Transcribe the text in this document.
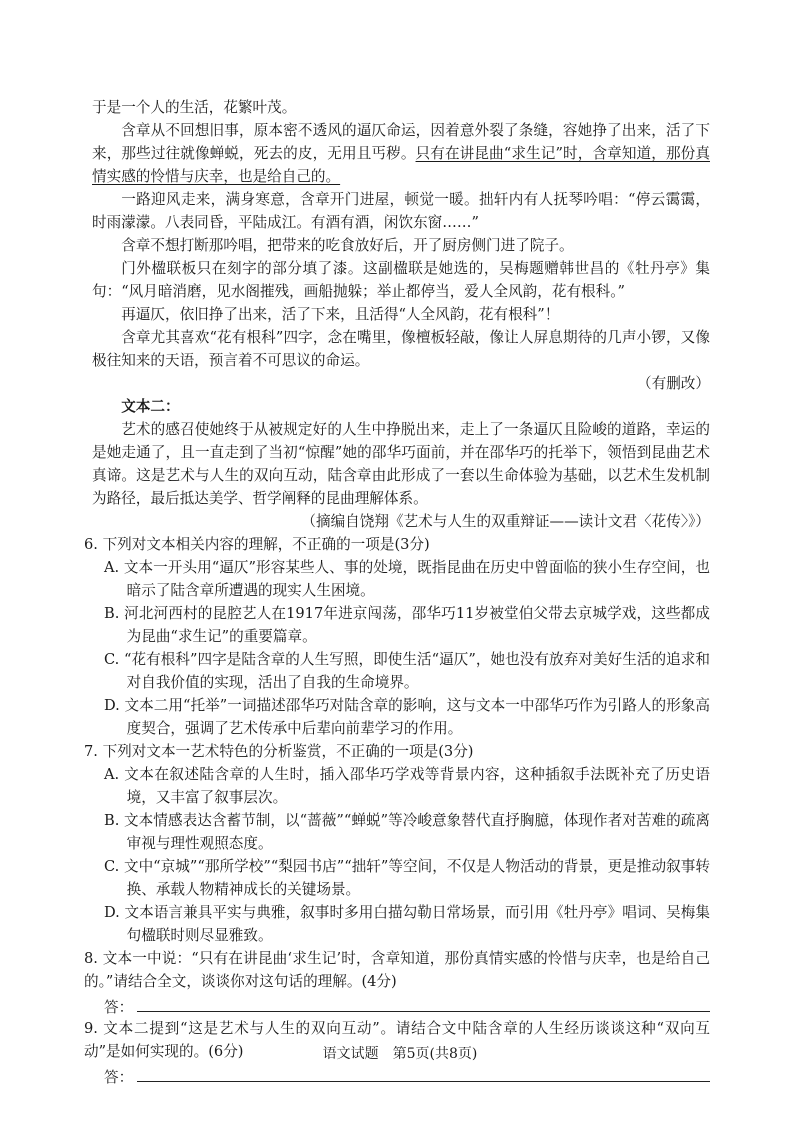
于是一个人的生活，花繁叶茂。

含章从不回想旧事，原本密不透风的逼仄命运，因着意外裂了条缝，容她挣了出来，活了下来，那些过往就像蝉蜕，死去的皮，无用且丐秽。只有在讲昆曲“求生记”时，含章知道，那份真情实感的怜惜与庆幸，也是给自己的。

一路迎风走来，满身寒意，含章开门进屋，顿觉一暖。拙轩内有人抚琴吟唱：“停云霭霭，时雨濛濛。八表同昏，平陆成江。有酒有酒，闲饮东窗……”

含章不想打断那吟唱，把带来的吃食放好后，开了厨房侧门进了院子。

门外楹联板只在刻字的部分填了漆。这副楹联是她选的，吴梅题赠韩世昌的《牡丹亭》集句：“风月暗消磨，见水阁摧残，画船抛躲；举止都停当，爱人全风韵，花有根科。”

再逼仄，依旧挣了出来，活了下来，且活得“人全风韵，花有根科”！

含章尤其喜欢“花有根科”四字，念在嘴里，像檀板轻敲，像让人屏息期待的几声小锣，又像极往知来的天语，预言着不可思议的命运。

（有删改）

文本二：

艺术的感召使她终于从被规定好的人生中挣脱出来，走上了一条逼仄且险峻的道路，幸运的是她走通了，且一直走到了当初“惊醒”她的邵华巧面前，并在邵华巧的托举下，领悟到昆曲艺术真谛。这是艺术与人生的双向互动，陆含章由此形成了一套以生命体验为基础，以艺术生发机制为路径，最后抵达美学、哲学阐释的昆曲理解体系。

（摘编自饶翔《艺术与人生的双重辩证——读计文君〈花传〉》）

6. 下列对文本相关内容的理解，不正确的一项是(3分)

A. 文本一开头用“逼仄”形容某些人、事的处境，既指昆曲在历史中曾面临的狭小生存空间，也暗示了陆含章所遭遇的现实人生困境。

B. 河北河西村的昆腔艺人在1917年进京闯荡，邵华巧11岁被堂伯父带去京城学戏，这些都成为昆曲“求生记”的重要篇章。

C. “花有根科”四字是陆含章的人生写照，即使生活“逼仄”，她也没有放弃对美好生活的追求和对自我价值的实现，活出了自我的生命境界。

D. 文本二用“托举”一词描述邵华巧对陆含章的影响，这与文本一中邵华巧作为引路人的形象高度契合，强调了艺术传承中后辈向前辈学习的作用。

7. 下列对文本一艺术特色的分析鉴赏，不正确的一项是(3分)

A. 文本在叙述陆含章的人生时，插入邵华巧学戏等背景内容，这种插叙手法既补充了历史语境，又丰富了叙事层次。

B. 文本情感表达含蓄节制，以“蔷薇”“蝉蜕”等冷峻意象替代直抒胸臆，体现作者对苦难的疏离审视与理性观照态度。

C. 文中“京城”“那所学校”“梨园书店”“拙轩”等空间，不仅是人物活动的背景，更是推动叙事转换、承载人物精神成长的关键场景。

D. 文本语言兼具平实与典雅，叙事时多用白描勾勒日常场景，而引用《牡丹亭》唱词、吴梅集句楹联时则尽显雅致。

8. 文本一中说：“只有在讲昆曲‘求生记’时，含章知道，那份真情实感的怜惜与庆幸，也是给自己的。”请结合全文，谈谈你对这句话的理解。(4分)

答：

9. 文本二提到“这是艺术与人生的双向互动”。请结合文中陆含章的人生经历谈谈这种“双向互动”是如何实现的。(6分)

答：
语文试题　第5页(共8页)
